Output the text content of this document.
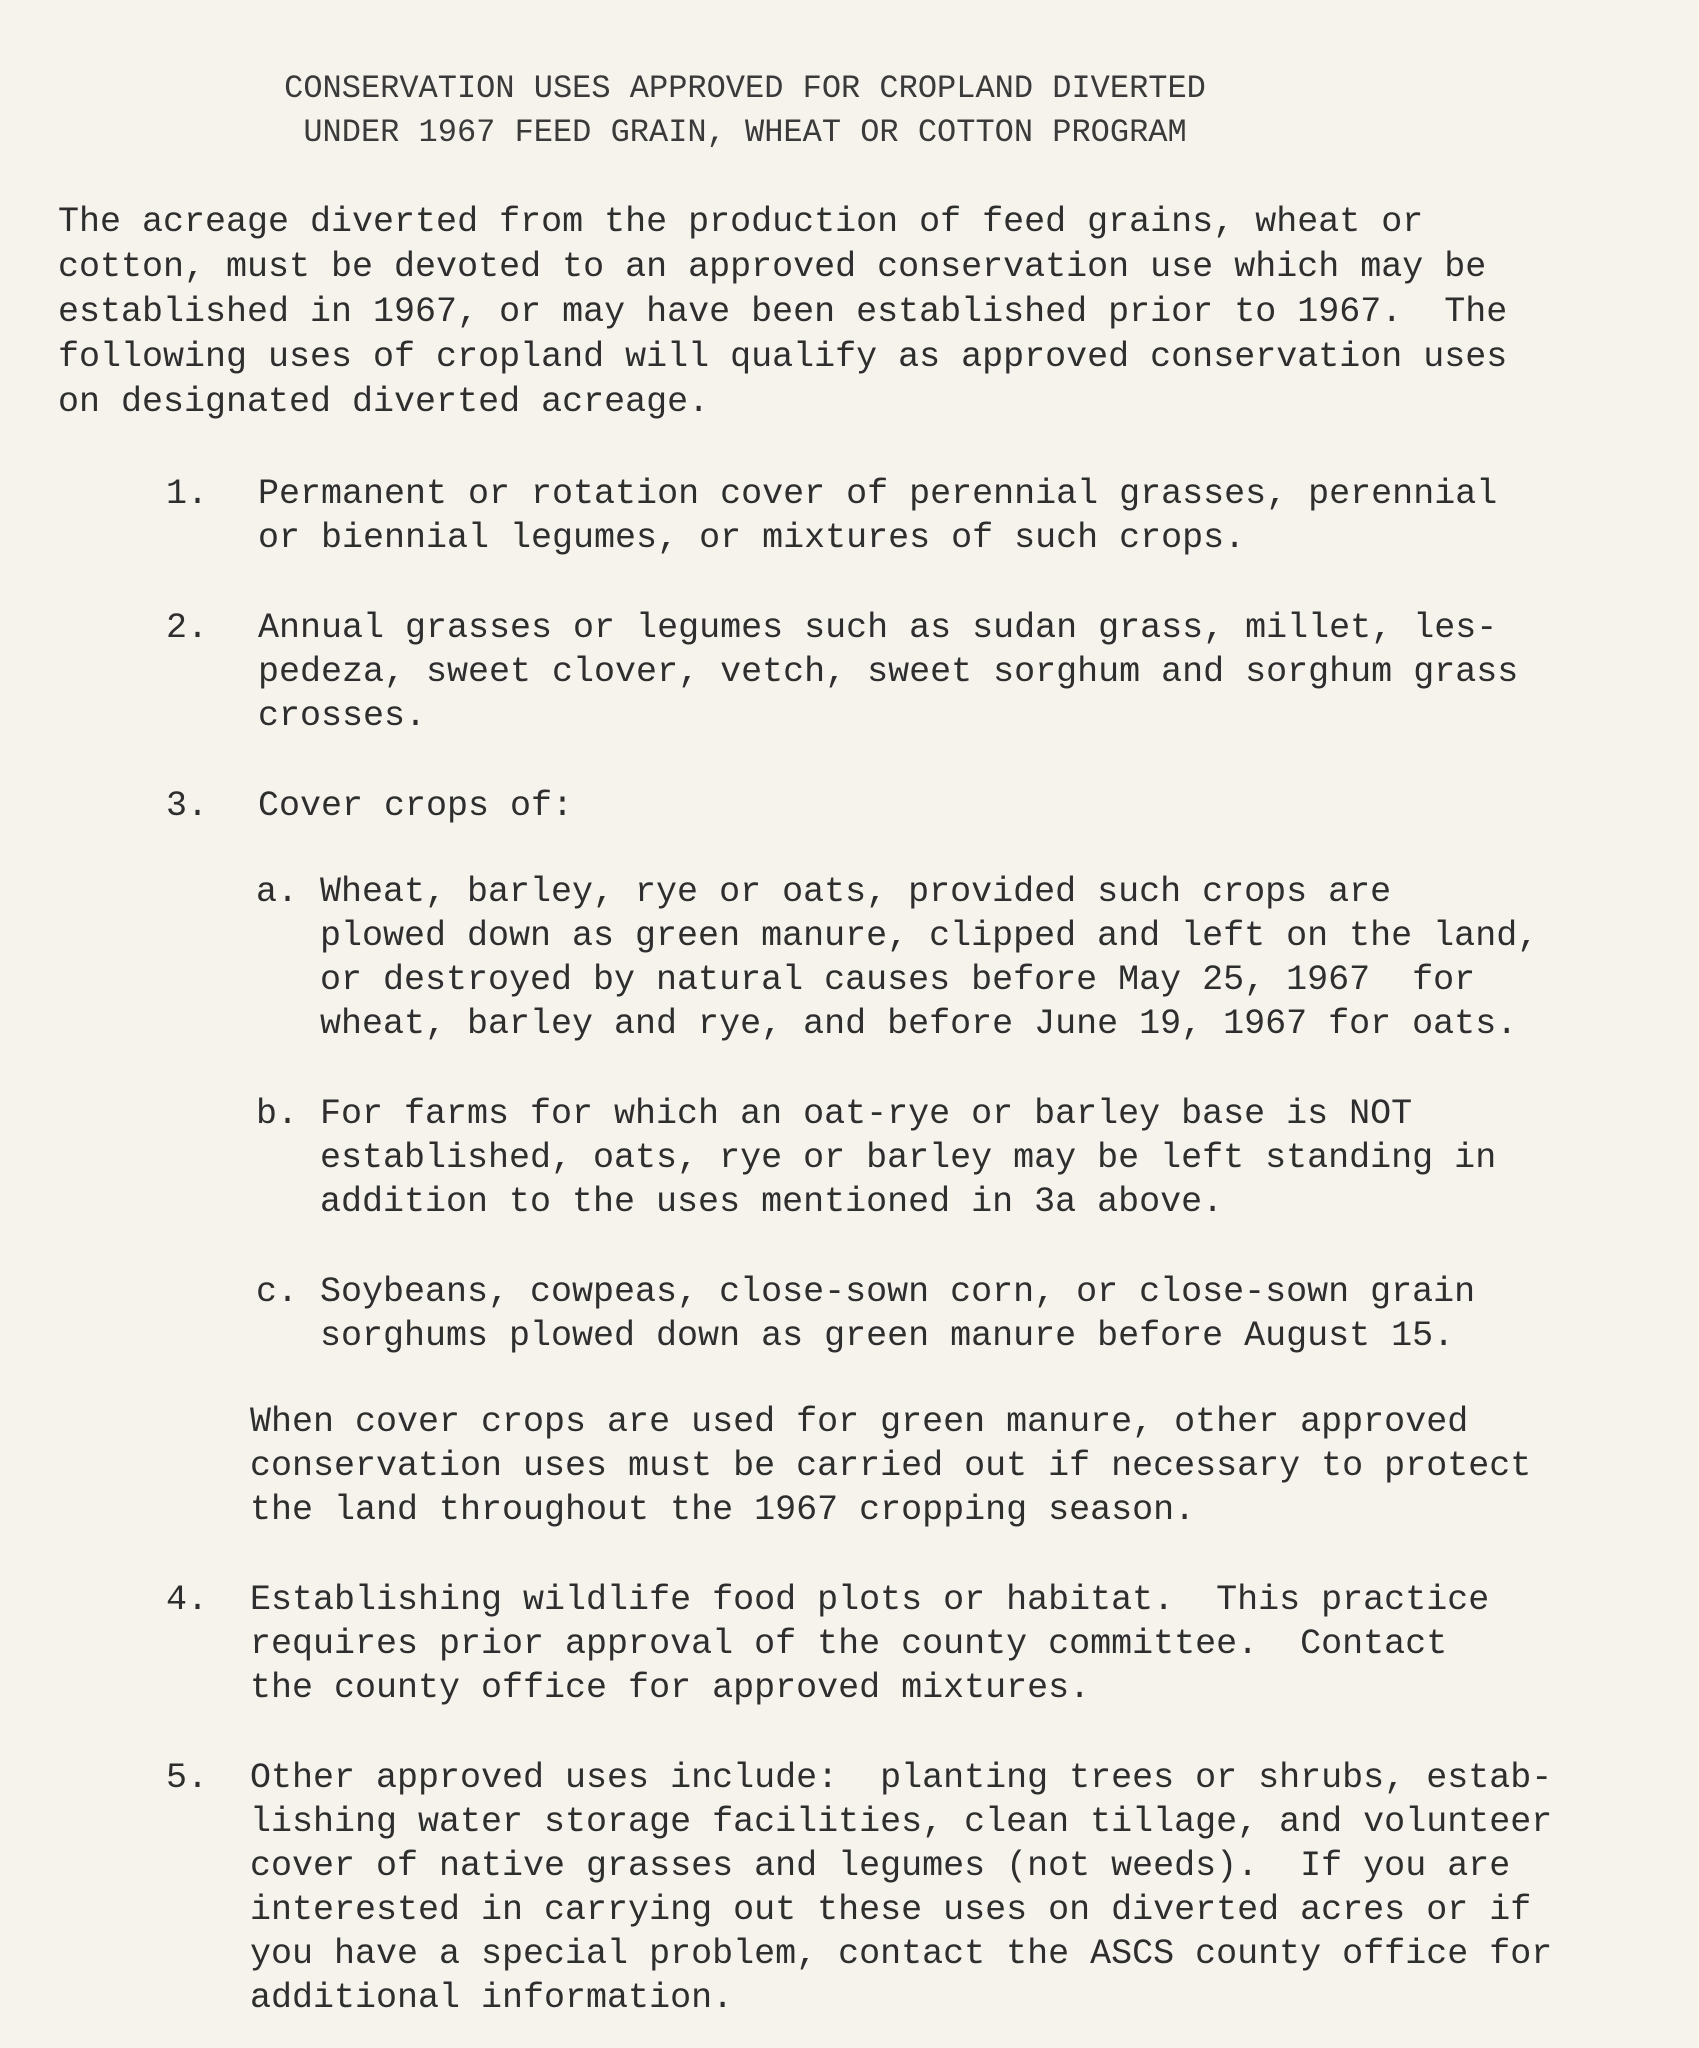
CONSERVATION USES APPROVED FOR CROPLAND DIVERTED
UNDER 1967 FEED GRAIN, WHEAT OR COTTON PROGRAM
The acreage diverted from the production of feed grains, wheat or
cotton, must be devoted to an approved conservation use which may be
established in 1967, or may have been established prior to 1967.  The
following uses of cropland will qualify as approved conservation uses
on designated diverted acreage.
1. Permanent or rotation cover of perennial grasses, perennial
or biennial legumes, or mixtures of such crops.
2. Annual grasses or legumes such as sudan grass, millet, les-
pedeza, sweet clover, vetch, sweet sorghum and sorghum grass
crosses.
3. Cover crops of:
a. Wheat, barley, rye or oats, provided such crops are
plowed down as green manure, clipped and left on the land,
or destroyed by natural causes before May 25, 1967  for
wheat, barley and rye, and before June 19, 1967 for oats.
b. For farms for which an oat-rye or barley base is NOT
established, oats, rye or barley may be left standing in
addition to the uses mentioned in 3a above.
c. Soybeans, cowpeas, close-sown corn, or close-sown grain
sorghums plowed down as green manure before August 15.
When cover crops are used for green manure, other approved
conservation uses must be carried out if necessary to protect
the land throughout the 1967 cropping season.
4. Establishing wildlife food plots or habitat.  This practice
requires prior approval of the county committee.  Contact
the county office for approved mixtures.
5. Other approved uses include:  planting trees or shrubs, estab-
lishing water storage facilities, clean tillage, and volunteer
cover of native grasses and legumes (not weeds).  If you are
interested in carrying out these uses on diverted acres or if
you have a special problem, contact the ASCS county office for
additional information.
